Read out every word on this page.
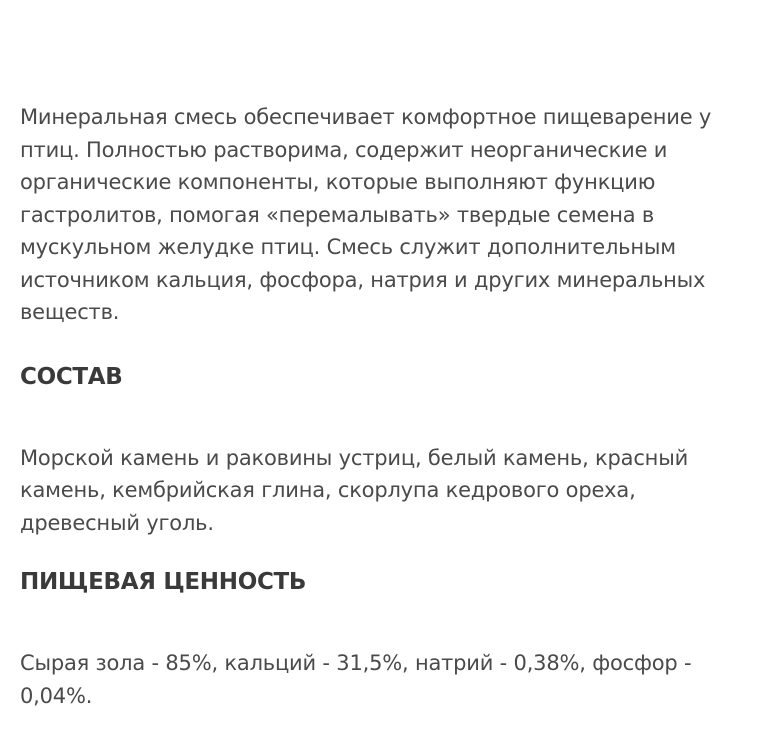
Минеральная смесь обеспечивает комфортное пищеварение у птиц. Полностью растворима, содержит неорганические и органические компоненты, которые выполняют функцию гастролитов, помогая «перемалывать» твердые семена в мускульном желудке птиц. Смесь служит дополнительным источником кальция, фосфора, натрия и других минеральных веществ.

СОСТАВ

Морской камень и раковины устриц, белый камень, красный камень, кембрийская глина, скорлупа кедрового ореха, древесный уголь.

ПИЩЕВАЯ ЦЕННОСТЬ

Сырая зола - 85%, кальций - 31,5%, натрий - 0,38%, фосфор - 0,04%.
